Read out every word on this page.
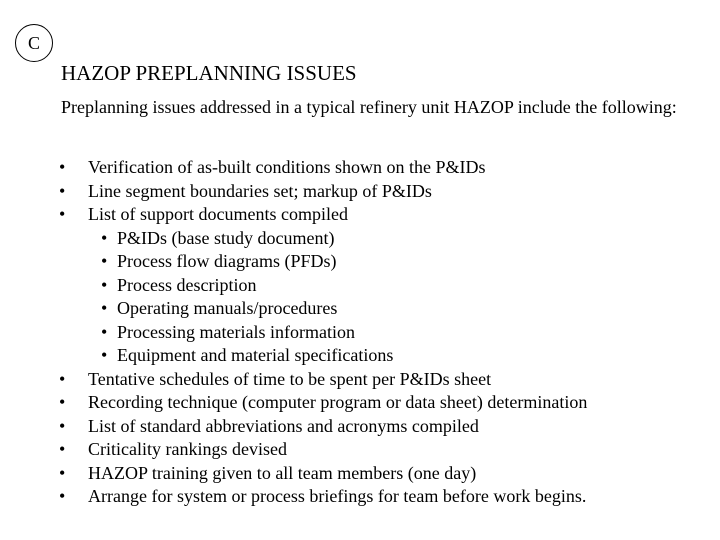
C
HAZOP PREPLANNING ISSUES
Preplanning issues addressed in a typical refinery unit HAZOP include the following:
•	Verification of as-built conditions shown on the P&IDs
•	Line segment boundaries set; markup of P&IDs
•	List of support documents compiled
• P&IDs (base study document)
• Process flow diagrams (PFDs)
• Process description
• Operating manuals/procedures
• Processing materials information
• Equipment and material specifications
•	Tentative schedules of time to be spent per P&IDs sheet
•	Recording technique (computer program or data sheet) determination
•	List of standard abbreviations and acronyms compiled
•	Criticality rankings devised
•	HAZOP training given to all team members (one day)
•	Arrange for system or process briefings for team before work begins.
